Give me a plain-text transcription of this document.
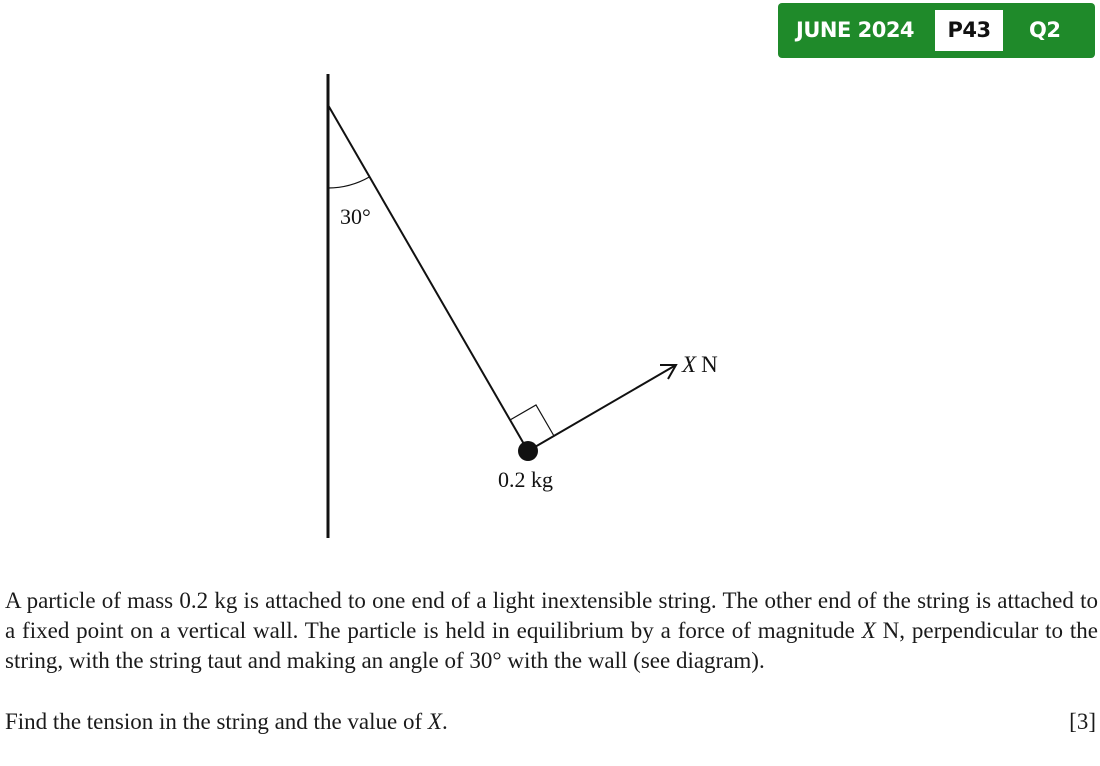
JUNE 2024	P43	Q2
30°
X N
0.2 kg

A particle of mass 0.2 kg is attached to one end of a light inextensible string. The other end of the string is attached to a fixed point on a vertical wall. The particle is held in equilibrium by a force of magnitude X N, perpendicular to the string, with the string taut and making an angle of 30° with the wall (see diagram).

Find the tension in the string and the value of X.	[3]
